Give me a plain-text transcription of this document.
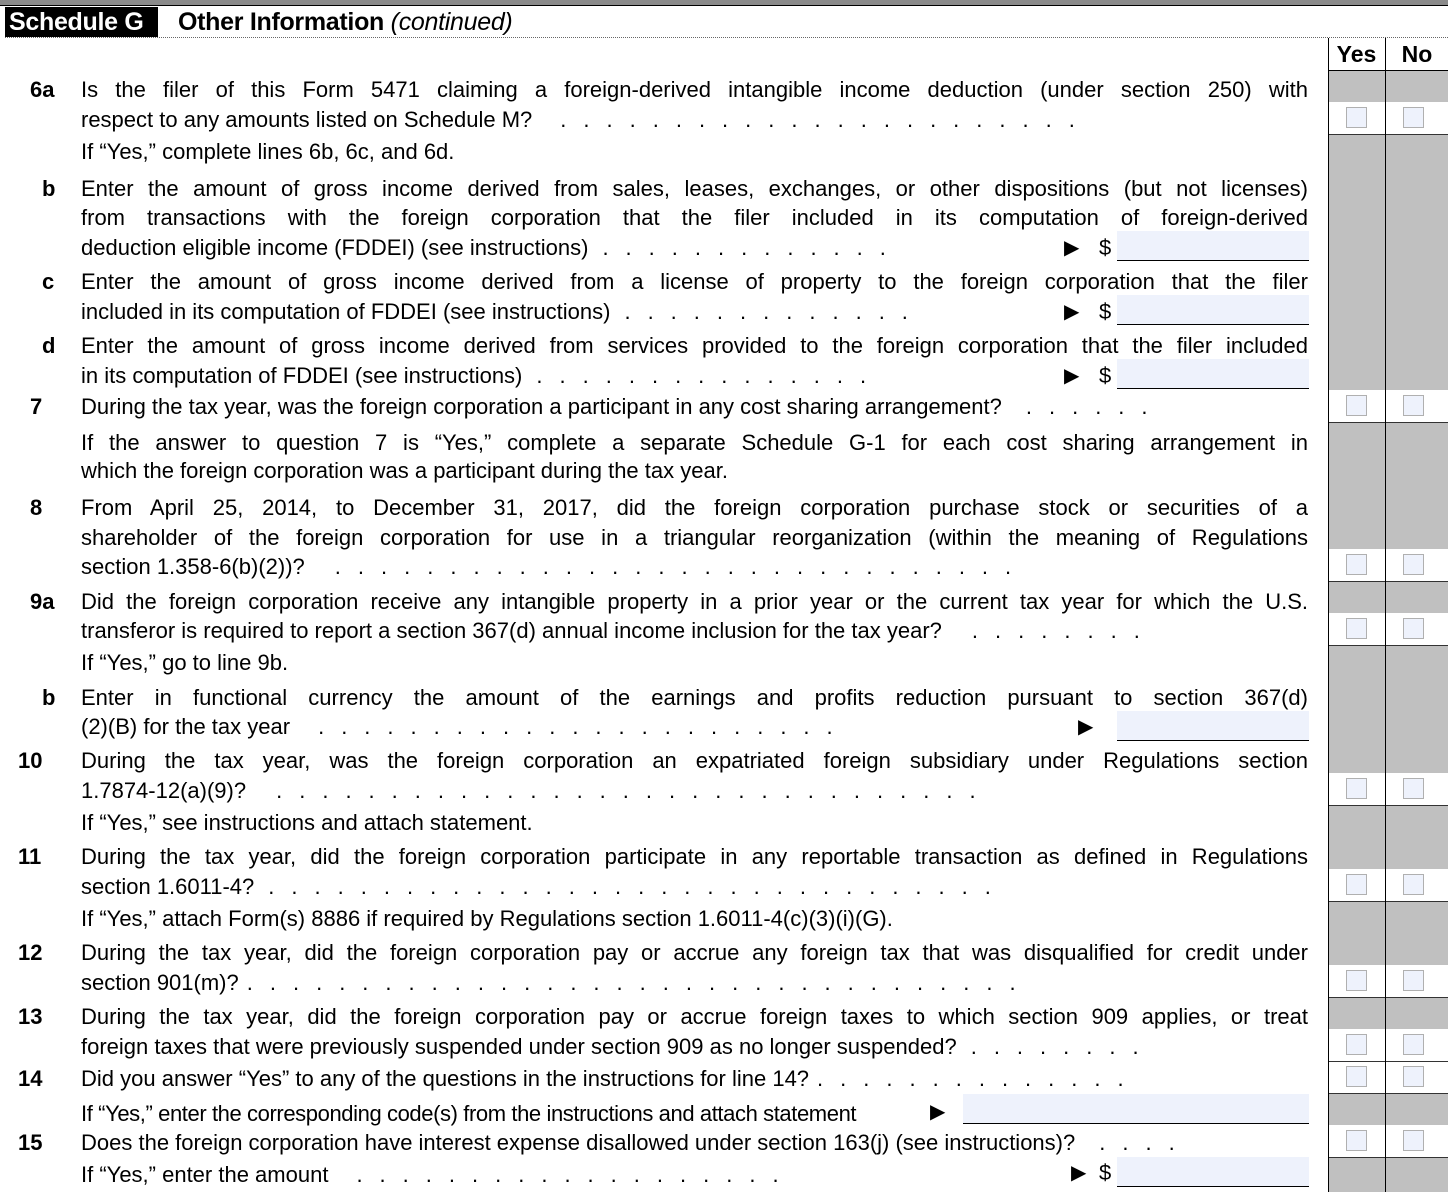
Schedule G	Other Information (continued)
Yes	No
6a Is the filer of this Form 5471 claiming a foreign-derived intangible income deduction (under section 250) with
respect to any amounts listed on Schedule M? .......................
If “Yes,” complete lines 6b, 6c, and 6d.
b Enter the amount of gross income derived from sales, leases, exchanges, or other dispositions (but not licenses)
from transactions with the foreign corporation that the filer included in its computation of foreign-derived
deduction eligible income (FDDEI) (see instructions) .............	▶ $
c Enter the amount of gross income derived from a license of property to the foreign corporation that the filer
included in its computation of FDDEI (see instructions) .............	▶ $
d Enter the amount of gross income derived from services provided to the foreign corporation that the filer included
in its computation of FDDEI (see instructions) ...............	▶ $
7 During the tax year, was the foreign corporation a participant in any cost sharing arrangement? ......
If the answer to question 7 is “Yes,” complete a separate Schedule G-1 for each cost sharing arrangement in
which the foreign corporation was a participant during the tax year.
8 From April 25, 2014, to December 31, 2017, did the foreign corporation purchase stock or securities of a
shareholder of the foreign corporation for use in a triangular reorganization (within the meaning of Regulations
section 1.358-6(b)(2))? ..............................
9a Did the foreign corporation receive any intangible property in a prior year or the current tax year for which the U.S.
transferor is required to report a section 367(d) annual income inclusion for the tax year? ........
If “Yes,” go to line 9b.
b Enter in functional currency the amount of the earnings and profits reduction pursuant to section 367(d)
(2)(B) for the tax year .......................	▶
10 During the tax year, was the foreign corporation an expatriated foreign subsidiary under Regulations section
1.7874-12(a)(9)? ...............................
If “Yes,” see instructions and attach statement.
11 During the tax year, did the foreign corporation participate in any reportable transaction as defined in Regulations
section 1.6011-4? ................................
If “Yes,” attach Form(s) 8886 if required by Regulations section 1.6011-4(c)(3)(i)(G).
12 During the tax year, did the foreign corporation pay or accrue any foreign tax that was disqualified for credit under
section 901(m)? ..................................
13 During the tax year, did the foreign corporation pay or accrue foreign taxes to which section 909 applies, or treat
foreign taxes that were previously suspended under section 909 as no longer suspended? ........
14 Did you answer “Yes” to any of the questions in the instructions for line 14? ..............
If “Yes,” enter the corresponding code(s) from the instructions and attach statement	▶
15 Does the foreign corporation have interest expense disallowed under section 163(j) (see instructions)? ....
If “Yes,” enter the amount ...................	▶ $
